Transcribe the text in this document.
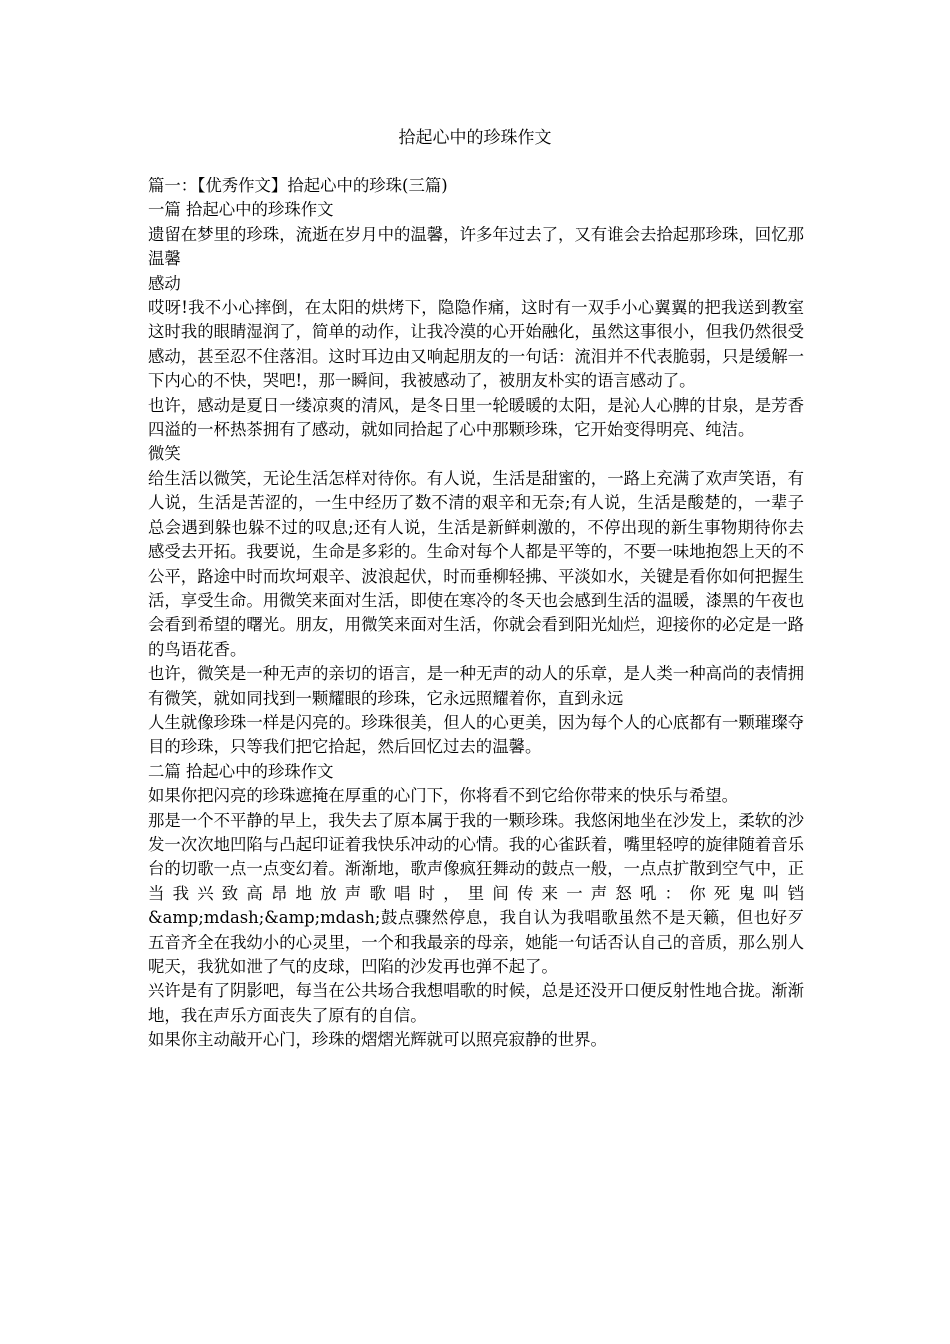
拾起心中的珍珠作文

篇一：【优秀作文】拾起心中的珍珠(三篇)

一篇 拾起心中的珍珠作文

遗留在梦里的珍珠，流逝在岁月中的温馨，许多年过去了，又有谁会去拾起那珍珠，回忆那温馨

感动

哎呀!我不小心摔倒，在太阳的烘烤下，隐隐作痛，这时有一双手小心翼翼的把我送到教室这时我的眼睛湿润了，简单的动作，让我冷漠的心开始融化，虽然这事很小，但我仍然很受感动，甚至忍不住落泪。这时耳边由又响起朋友的一句话：流泪并不代表脆弱，只是缓解一下内心的不快，哭吧!，那一瞬间，我被感动了，被朋友朴实的语言感动了。

也许，感动是夏日一缕凉爽的清风，是冬日里一轮暖暖的太阳，是沁人心脾的甘泉，是芳香四溢的一杯热茶拥有了感动，就如同拾起了心中那颗珍珠，它开始变得明亮、纯洁。

微笑

给生活以微笑，无论生活怎样对待你。有人说，生活是甜蜜的，一路上充满了欢声笑语，有人说，生活是苦涩的，一生中经历了数不清的艰辛和无奈;有人说，生活是酸楚的，一辈子总会遇到躲也躲不过的叹息;还有人说，生活是新鲜刺激的，不停出现的新生事物期待你去感受去开拓。我要说，生命是多彩的。生命对每个人都是平等的，不要一味地抱怨上天的不公平，路途中时而坎坷艰辛、波浪起伏，时而垂柳轻拂、平淡如水，关键是看你如何把握生活，享受生命。用微笑来面对生活，即使在寒冷的冬天也会感到生活的温暖，漆黑的午夜也会看到希望的曙光。朋友，用微笑来面对生活，你就会看到阳光灿烂，迎接你的必定是一路的鸟语花香。

也许，微笑是一种无声的亲切的语言，是一种无声的动人的乐章，是人类一种高尚的表情拥有微笑，就如同找到一颗耀眼的珍珠，它永远照耀着你，直到永远

人生就像珍珠一样是闪亮的。珍珠很美，但人的心更美，因为每个人的心底都有一颗璀璨夺目的珍珠，只等我们把它拾起，然后回忆过去的温馨。

二篇 拾起心中的珍珠作文

如果你把闪亮的珍珠遮掩在厚重的心门下，你将看不到它给你带来的快乐与希望。

那是一个不平静的早上，我失去了原本属于我的一颗珍珠。我悠闲地坐在沙发上，柔软的沙发一次次地凹陷与凸起印证着我快乐冲动的心情。我的心雀跃着，嘴里轻哼的旋律随着音乐台的切歌一点一点变幻着。渐渐地，歌声像疯狂舞动的鼓点一般，一点点扩散到空气中，正当我兴致高昂地放声歌唱时，里间传来一声怒吼：你死鬼叫铛&amp;mdash;&amp;mdash;鼓点骤然停息，我自认为我唱歌虽然不是天籁，但也好歹五音齐全在我幼小的心灵里，一个和我最亲的母亲，她能一句话否认自己的音质，那么别人呢天，我犹如泄了气的皮球，凹陷的沙发再也弹不起了。

兴许是有了阴影吧，每当在公共场合我想唱歌的时候，总是还没开口便反射性地合拢。渐渐地，我在声乐方面丧失了原有的自信。

如果你主动敲开心门，珍珠的熠熠光辉就可以照亮寂静的世界。
